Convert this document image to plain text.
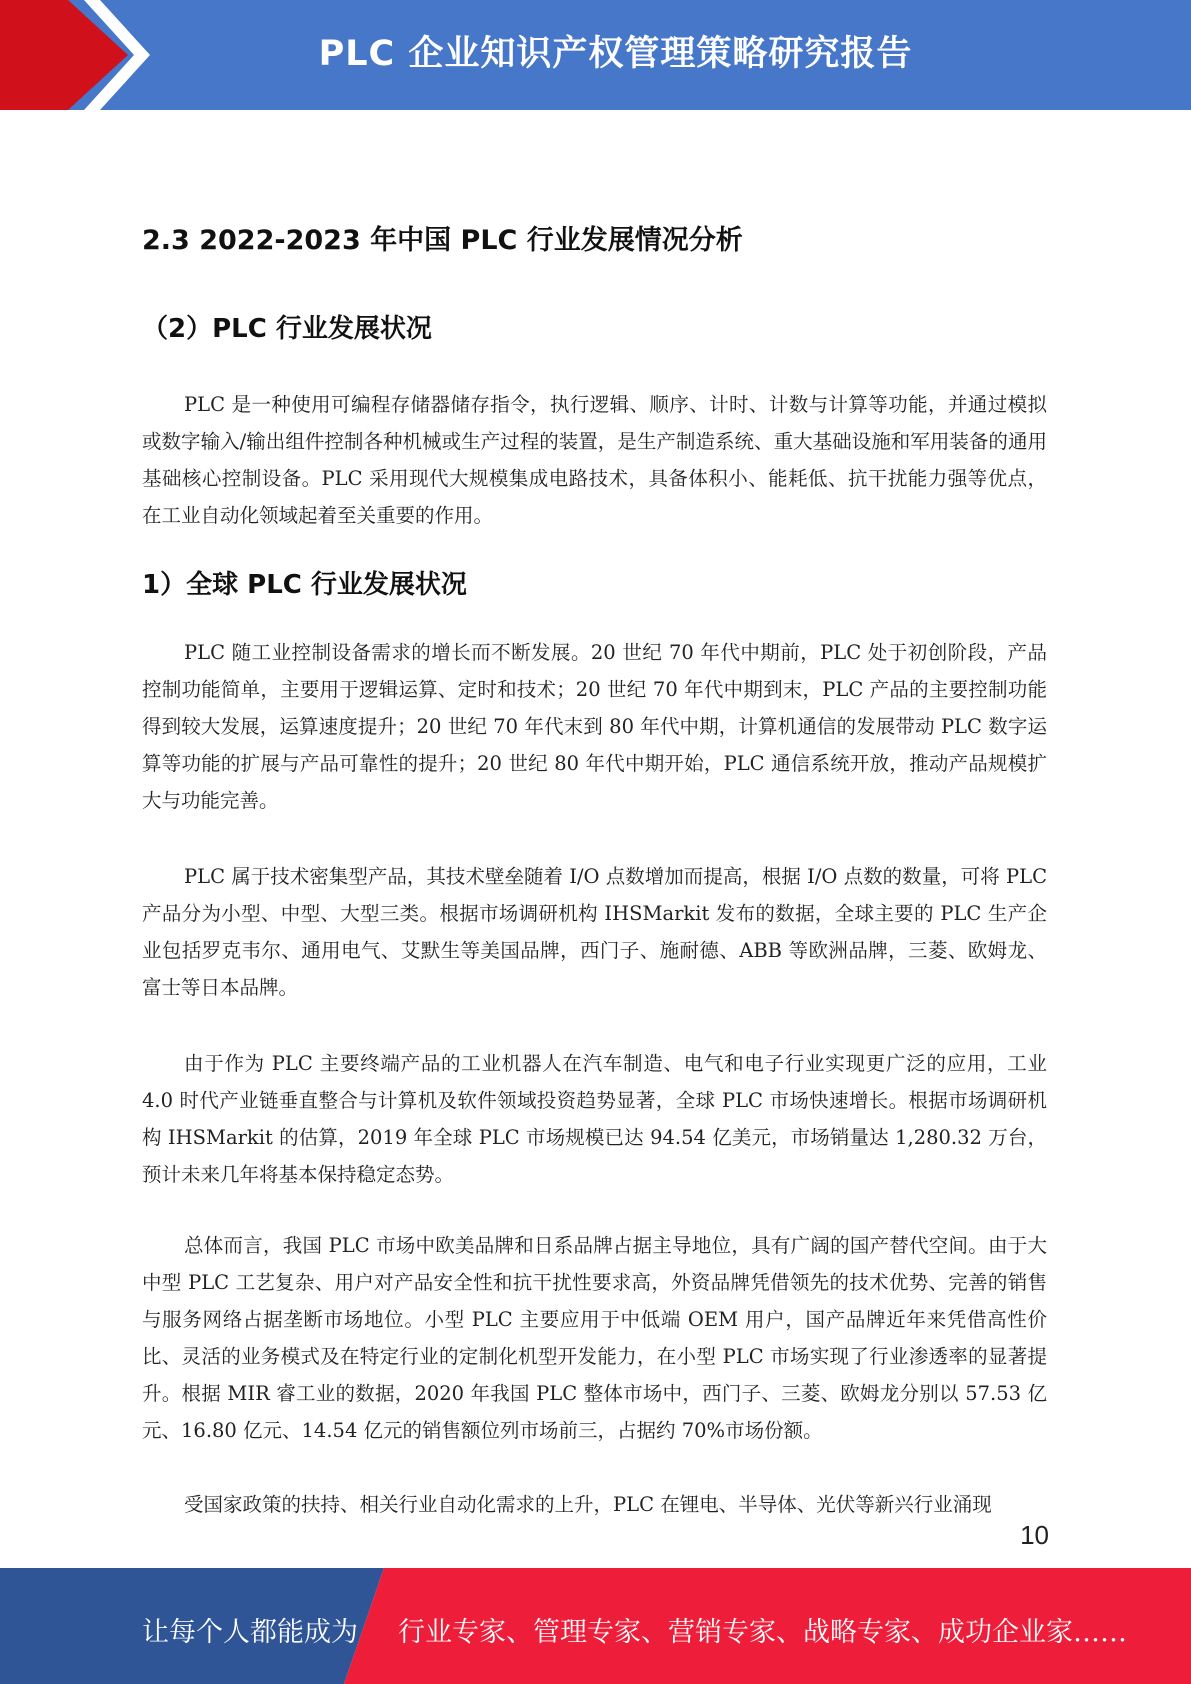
PLC 企业知识产权管理策略研究报告
2.3 2022-2023 年中国 PLC 行业发展情况分析
（2）PLC 行业发展状况

PLC 是一种使用可编程存储器储存指令，执行逻辑、顺序、计时、计数与计算等功能，并通过模拟或数字输入/输出组件控制各种机械或生产过程的装置，是生产制造系统、重大基础设施和军用装备的通用基础核心控制设备。PLC 采用现代大规模集成电路技术，具备体积小、能耗低、抗干扰能力强等优点，在工业自动化领域起着至关重要的作用。

1）全球 PLC 行业发展状况

PLC 随工业控制设备需求的增长而不断发展。20 世纪 70 年代中期前，PLC 处于初创阶段，产品控制功能简单，主要用于逻辑运算、定时和技术；20 世纪 70 年代中期到末，PLC 产品的主要控制功能得到较大发展，运算速度提升；20 世纪 70 年代末到 80 年代中期，计算机通信的发展带动 PLC 数字运算等功能的扩展与产品可靠性的提升；20 世纪 80 年代中期开始，PLC 通信系统开放，推动产品规模扩大与功能完善。

PLC 属于技术密集型产品，其技术壁垒随着 I/O 点数增加而提高，根据 I/O 点数的数量，可将 PLC 产品分为小型、中型、大型三类。根据市场调研机构 IHSMarkit 发布的数据，全球主要的 PLC 生产企业包括罗克韦尔、通用电气、艾默生等美国品牌，西门子、施耐德、ABB 等欧洲品牌，三菱、欧姆龙、富士等日本品牌。

由于作为 PLC 主要终端产品的工业机器人在汽车制造、电气和电子行业实现更广泛的应用，工业 4.0 时代产业链垂直整合与计算机及软件领域投资趋势显著，全球 PLC 市场快速增长。根据市场调研机构 IHSMarkit 的估算，2019 年全球 PLC 市场规模已达 94.54 亿美元，市场销量达 1,280.32 万台，预计未来几年将基本保持稳定态势。

总体而言，我国 PLC 市场中欧美品牌和日系品牌占据主导地位，具有广阔的国产替代空间。由于大中型 PLC 工艺复杂、用户对产品安全性和抗干扰性要求高，外资品牌凭借领先的技术优势、完善的销售与服务网络占据垄断市场地位。小型 PLC 主要应用于中低端 OEM 用户，国产品牌近年来凭借高性价比、灵活的业务模式及在特定行业的定制化机型开发能力，在小型 PLC 市场实现了行业渗透率的显著提升。根据 MIR 睿工业的数据，2020 年我国 PLC 整体市场中，西门子、三菱、欧姆龙分别以 57.53 亿元、16.80 亿元、14.54 亿元的销售额位列市场前三，占据约 70%市场份额。

受国家政策的扶持、相关行业自动化需求的上升，PLC 在锂电、半导体、光伏等新兴行业涌现

10
让每个人都能成为 行业专家、管理专家、营销专家、战略专家、成功企业家……
